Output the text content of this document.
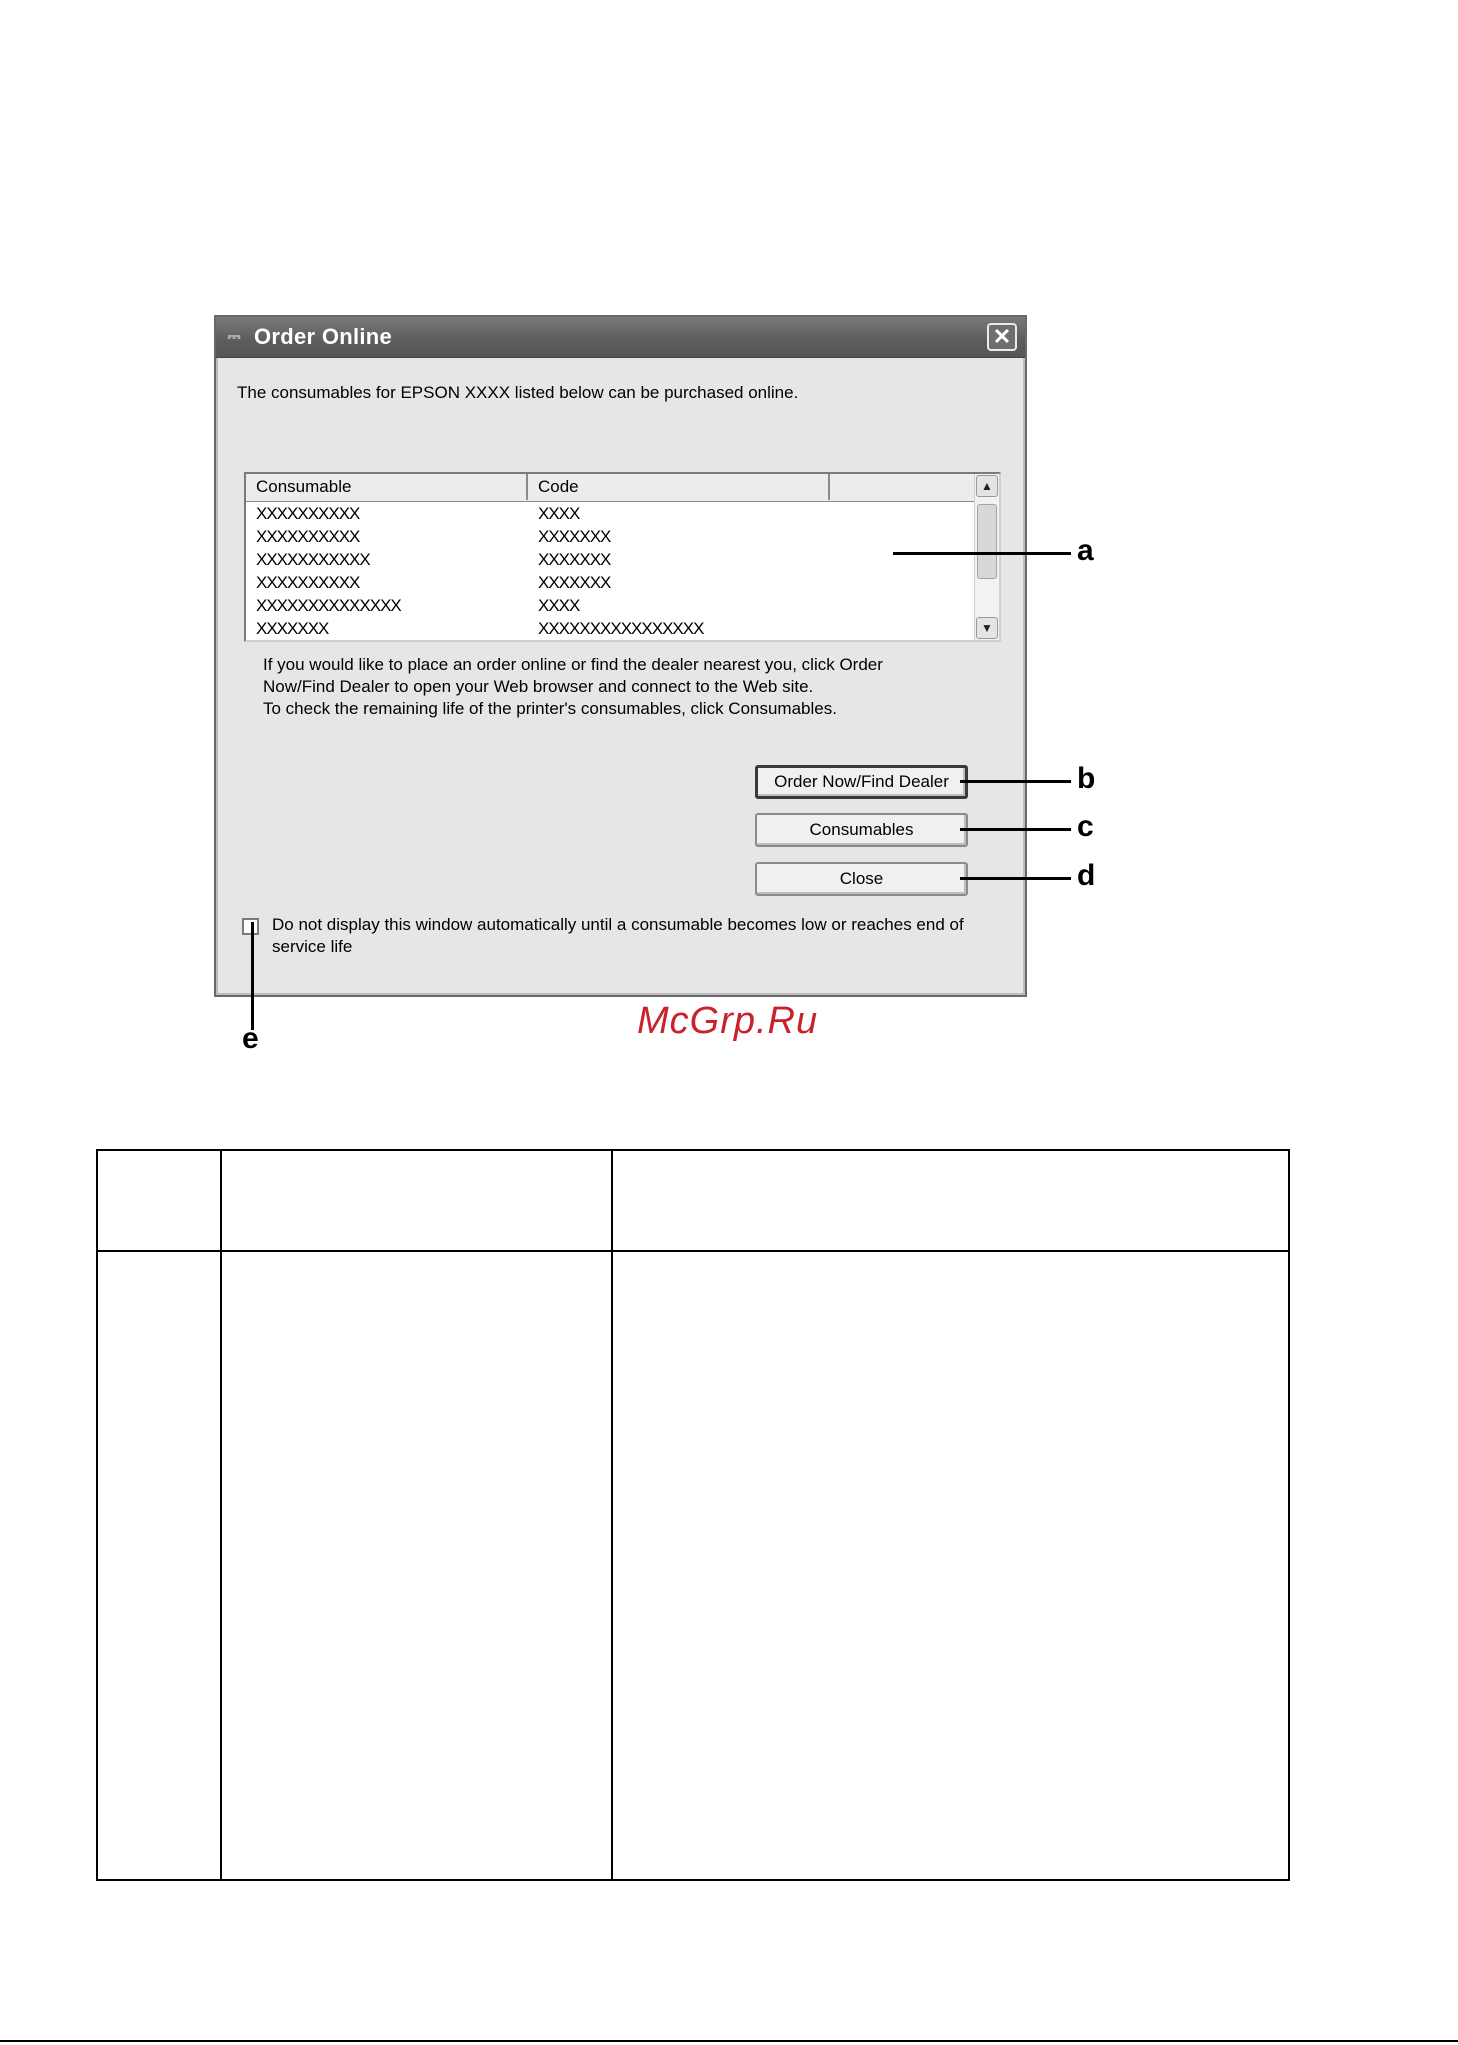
⎓ Order Online	✕
The consumables for EPSON XXXX listed below can be purchased online.
Consumable	Code
XXXXXXXXXX	XXXX
XXXXXXXXXX	XXXXXXX
XXXXXXXXXXX	XXXXXXX
XXXXXXXXXX	XXXXXXX
XXXXXXXXXXXXXX	XXXX
XXXXXXX	XXXXXXXXXXXXXXXX
▲
▼
If you would like to place an order online or find the dealer nearest you, click Order
Now/Find Dealer to open your Web browser and connect to the Web site.
To check the remaining life of the printer's consumables, click Consumables.
Order Now/Find Dealer
Consumables
Close
Do not display this window automatically until a consumable becomes low or reaches end of service life
a
b
c
d
e	McGrp.Ru
